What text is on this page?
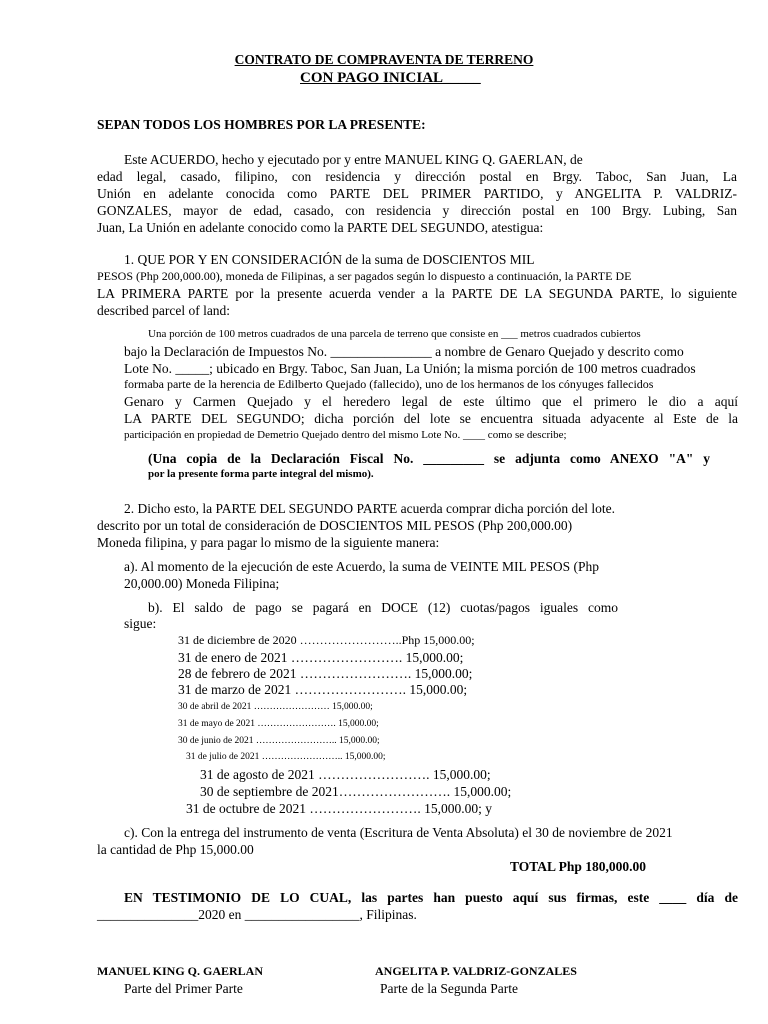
CONTRATO DE COMPRAVENTA DE TERRENO
CON PAGO INICIAL_____
SEPAN TODOS LOS HOMBRES POR LA PRESENTE:
Este ACUERDO, hecho y ejecutado por y entre MANUEL KING Q. GAERLAN, de
edad legal, casado, filipino, con residencia y dirección postal en Brgy. Taboc, San Juan, La
Unión en adelante conocida como PARTE DEL PRIMER PARTIDO, y ANGELITA P. VALDRIZ-
GONZALES, mayor de edad, casado, con residencia y dirección postal en 100 Brgy. Lubing, San
Juan, La Unión en adelante conocido como la PARTE DEL SEGUNDO, atestigua:
1. QUE POR Y EN CONSIDERACIÓN de la suma de DOSCIENTOS MIL
PESOS (Php 200,000.00), moneda de Filipinas, a ser pagados según lo dispuesto a continuación, la PARTE DE
LA PRIMERA PARTE por la presente acuerda vender a la PARTE DE LA SEGUNDA PARTE, lo siguiente
described parcel of land:
Una porción de 100 metros cuadrados de una parcela de terreno que consiste en ___ metros cuadrados cubiertos
bajo la Declaración de Impuestos No. _______________ a nombre de Genaro Quejado y descrito como
Lote No. _____; ubicado en Brgy. Taboc, San Juan, La Unión; la misma porción de 100 metros cuadrados
formaba parte de la herencia de Edilberto Quejado (fallecido), uno de los hermanos de los cónyuges fallecidos
Genaro y Carmen Quejado y el heredero legal de este último que el primero le dio a aquí
LA PARTE DEL SEGUNDO; dicha porción del lote se encuentra situada adyacente al Este de la
participación en propiedad de Demetrio Quejado dentro del mismo Lote No. ____ como se describe;
(Una copia de la Declaración Fiscal No. _________ se adjunta como ANEXO "A" y
por la presente forma parte integral del mismo).
2. Dicho esto, la PARTE DEL SEGUNDO PARTE acuerda comprar dicha porción del lote.
descrito por un total de consideración de DOSCIENTOS MIL PESOS (Php 200,000.00)
Moneda filipina, y para pagar lo mismo de la siguiente manera:
a). Al momento de la ejecución de este Acuerdo, la suma de VEINTE MIL PESOS (Php
20,000.00) Moneda Filipina;
b). El saldo de pago se pagará en DOCE (12) cuotas/pagos iguales como
sigue:
31 de diciembre de 2020 ……………………..Php 15,000.00;
31 de enero de 2021 ……………………. 15,000.00;
28 de febrero de 2021 ……………………. 15,000.00;
31 de marzo de 2021 ……………………. 15,000.00;
30 de abril de 2021 …………………… 15,000.00;
31 de mayo de 2021 ……………………. 15,000.00;
30 de junio de 2021 …………………….. 15,000.00;
31 de julio de 2021 …………………….. 15,000.00;
31 de agosto de 2021 ……………………. 15,000.00;
30 de septiembre de 2021……………………. 15,000.00;
31 de octubre de 2021 ……………………. 15,000.00; y
c). Con la entrega del instrumento de venta (Escritura de Venta Absoluta) el 30 de noviembre de 2021
la cantidad de Php 15,000.00
TOTAL Php 180,000.00
EN TESTIMONIO DE LO CUAL, las partes han puesto aquí sus firmas, este ____ día de
_______________2020 en _________________, Filipinas.
MANUEL KING Q. GAERLAN
Parte del Primer Parte
ANGELITA P. VALDRIZ-GONZALES
Parte de la Segunda Parte
